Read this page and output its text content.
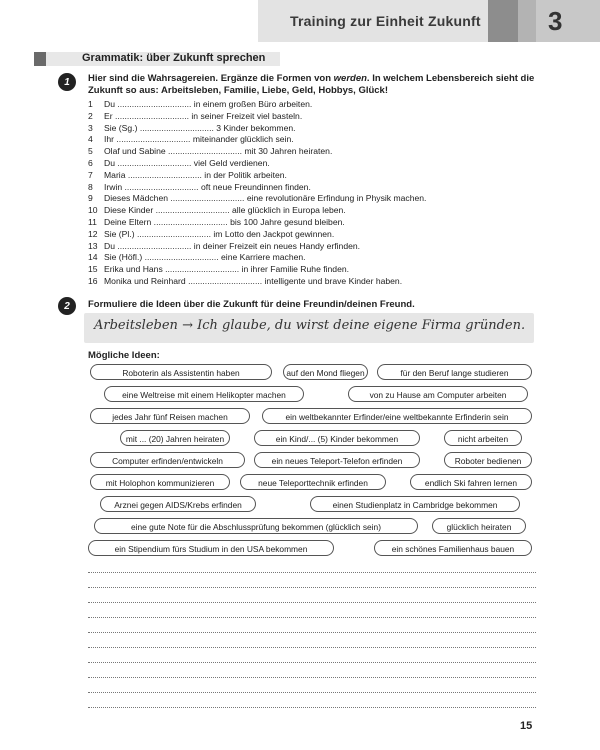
Training zur Einheit Zukunft	3
Grammatik: über Zukunft sprechen
1	Hier sind die Wahrsagereien. Ergänze die Formen von werden. In welchem Lebensbereich sieht die Zukunft so aus: Arbeitsleben, Familie, Liebe, Geld, Hobbys, Glück!
1 Du ............................... in einem großen Büro arbeiten.
2 Er ............................... in seiner Freizeit viel basteln.
3 Sie (Sg.) ............................... 3 Kinder bekommen.
4 Ihr ............................... miteinander glücklich sein.
5 Olaf und Sabine ............................... mit 30 Jahren heiraten.
6 Du ............................... viel Geld verdienen.
7 Maria ............................... in der Politik arbeiten.
8 Irwin ............................... oft neue Freundinnen finden.
9 Dieses Mädchen ............................... eine revolutionäre Erfindung in Physik machen.
10 Diese Kinder ............................... alle glücklich in Europa leben.
11 Deine Eltern ............................... bis 100 Jahre gesund bleiben.
12 Sie (Pl.) ............................... im Lotto den Jackpot gewinnen.
13 Du ............................... in deiner Freizeit ein neues Handy erfinden.
14 Sie (Höfl.) ............................... eine Karriere machen.
15 Erika und Hans ............................... in ihrer Familie Ruhe finden.
16 Monika und Reinhard ............................... intelligente und brave Kinder haben.
2	Formuliere die Ideen über die Zukunft für deine Freundin/deinen Freund.
Arbeitsleben → Ich glaube, du wirst deine eigene Firma gründen.
Mögliche Ideen:
Roboterin als Assistentin haben	auf den Mond fliegen	für den Beruf lange studieren
eine Weltreise mit einem Helikopter machen	von zu Hause am Computer arbeiten
jedes Jahr fünf Reisen machen	ein weltbekannter Erfinder/eine weltbekannte Erfinderin sein
mit ... (20) Jahren heiraten	ein Kind/... (5) Kinder bekommen	nicht arbeiten
Computer erfinden/entwickeln	ein neues Teleport-Telefon erfinden	Roboter bedienen
mit Holophon kommunizieren	neue Teleporttechnik erfinden	endlich Ski fahren lernen
Arznei gegen AIDS/Krebs erfinden	einen Studienplatz in Cambridge bekommen
eine gute Note für die Abschlussprüfung bekommen (glücklich sein)	glücklich heiraten
ein Stipendium fürs Studium in den USA bekommen	ein schönes Familienhaus bauen
15
